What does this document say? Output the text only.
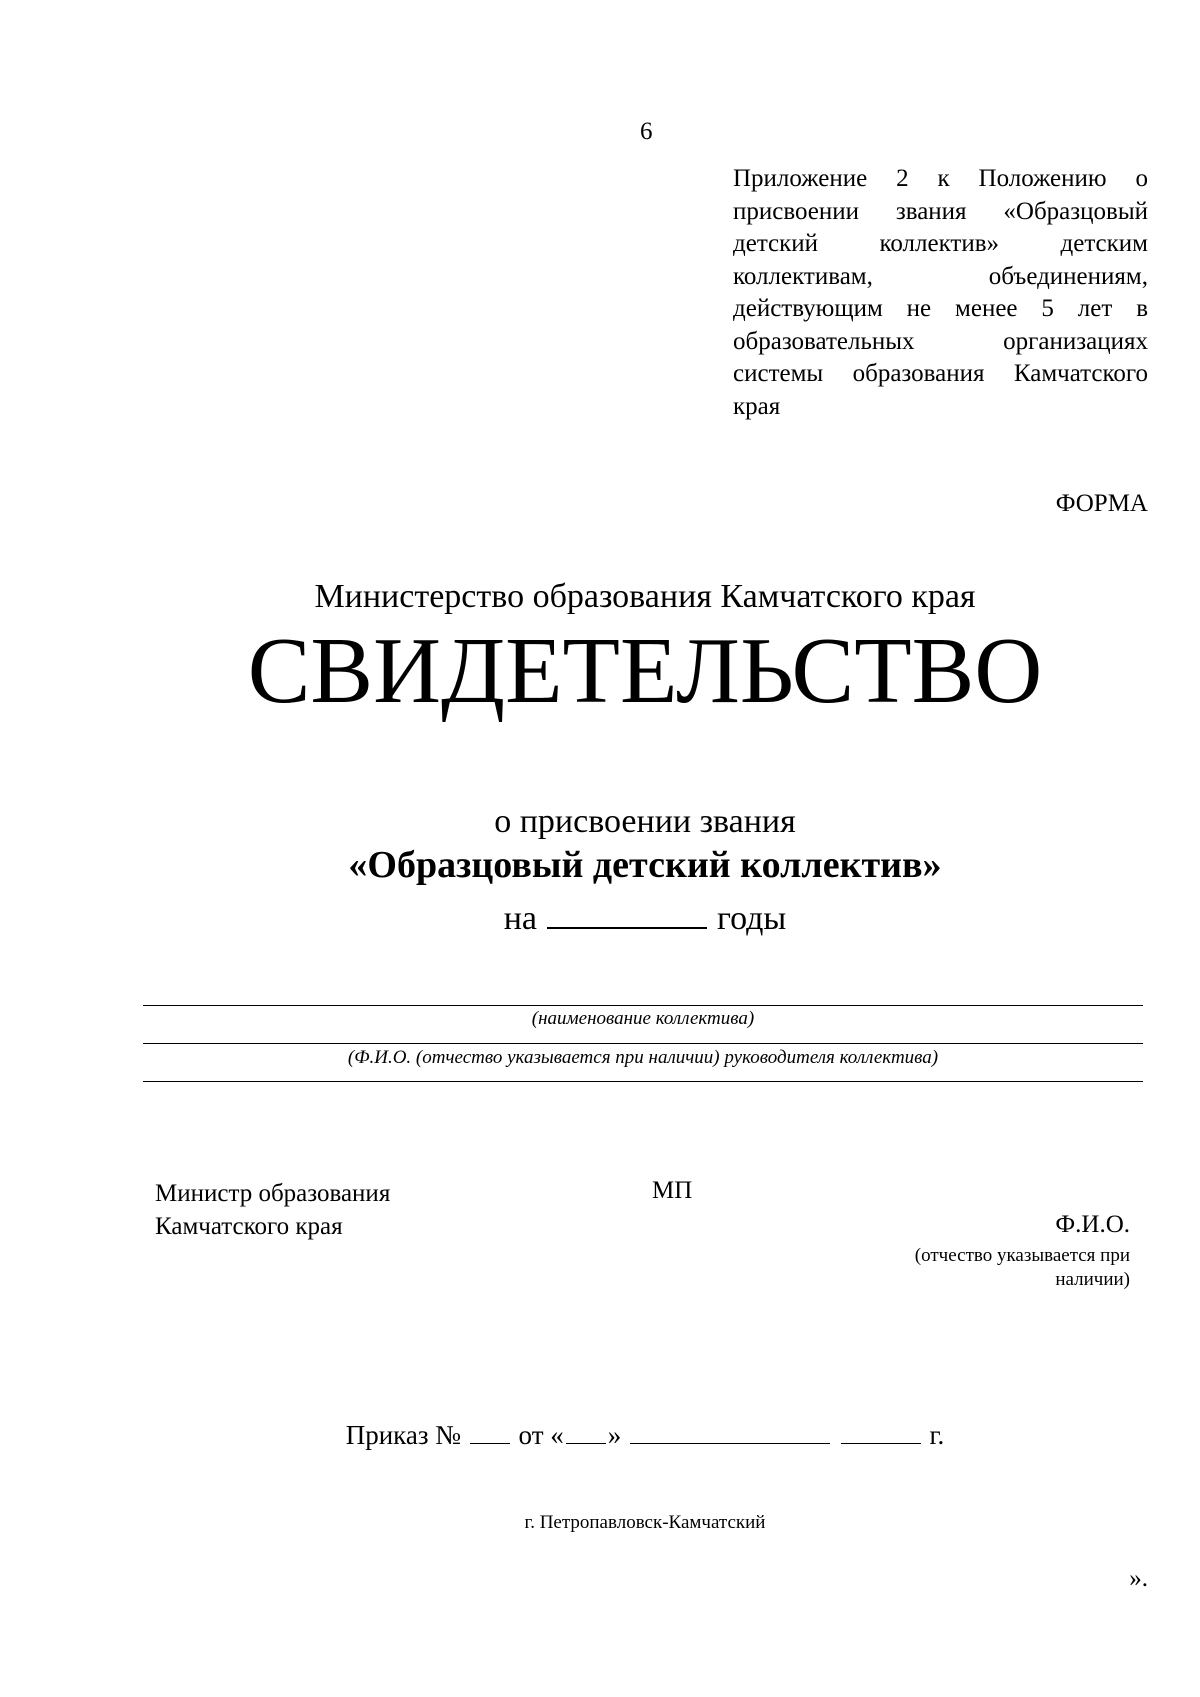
6
Приложение 2 к Положению о присвоении звания «Образцовый детский коллектив» детским коллективам, объединениям, действующим не менее 5 лет в образовательных организациях системы образования Камчатского края
ФОРМА
Министерство образования Камчатского края
СВИДЕТЕЛЬСТВО
о присвоении звания
«Образцовый детский коллектив»
на	годы
(наименование коллектива)
(Ф.И.О. (отчество указывается при наличии) руководителя коллектива)
Министр образования
Камчатского края
МП
Ф.И.О.
(отчество указывается при наличии)
Приказ № от « »	г.
г. Петропавловск-Камчатский
».
